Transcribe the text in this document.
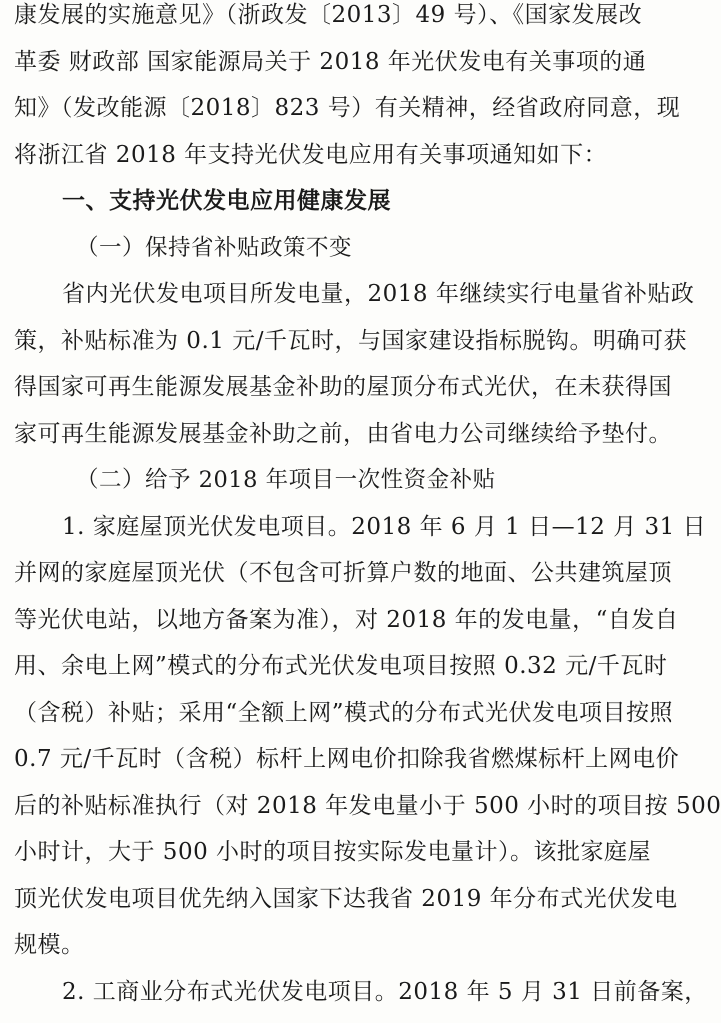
康发展的实施意见》（浙政发〔2013〕49 号）、《国家发展改
革委 财政部 国家能源局关于 2018 年光伏发电有关事项的通
知》（发改能源〔2018〕823 号）有关精神，经省政府同意，现
将浙江省 2018 年支持光伏发电应用有关事项通知如下：
一、支持光伏发电应用健康发展
（一）保持省补贴政策不变
省内光伏发电项目所发电量，2018 年继续实行电量省补贴政
策，补贴标准为 0.1 元/千瓦时，与国家建设指标脱钩。明确可获
得国家可再生能源发展基金补助的屋顶分布式光伏，在未获得国
家可再生能源发展基金补助之前，由省电力公司继续给予垫付。
（二）给予 2018 年项目一次性资金补贴
1. 家庭屋顶光伏发电项目。2018 年 6 月 1 日—12 月 31 日
并网的家庭屋顶光伏（不包含可折算户数的地面、公共建筑屋顶
等光伏电站，以地方备案为准），对 2018 年的发电量，“自发自
用、余电上网”模式的分布式光伏发电项目按照 0.32 元/千瓦时
（含税）补贴；采用“全额上网”模式的分布式光伏发电项目按照
0.7 元/千瓦时（含税）标杆上网电价扣除我省燃煤标杆上网电价
后的补贴标准执行（对 2018 年发电量小于 500 小时的项目按 500
小时计，大于 500 小时的项目按实际发电量计）。该批家庭屋
顶光伏发电项目优先纳入国家下达我省 2019 年分布式光伏发电
规模。
2. 工商业分布式光伏发电项目。2018 年 5 月 31 日前备案，
